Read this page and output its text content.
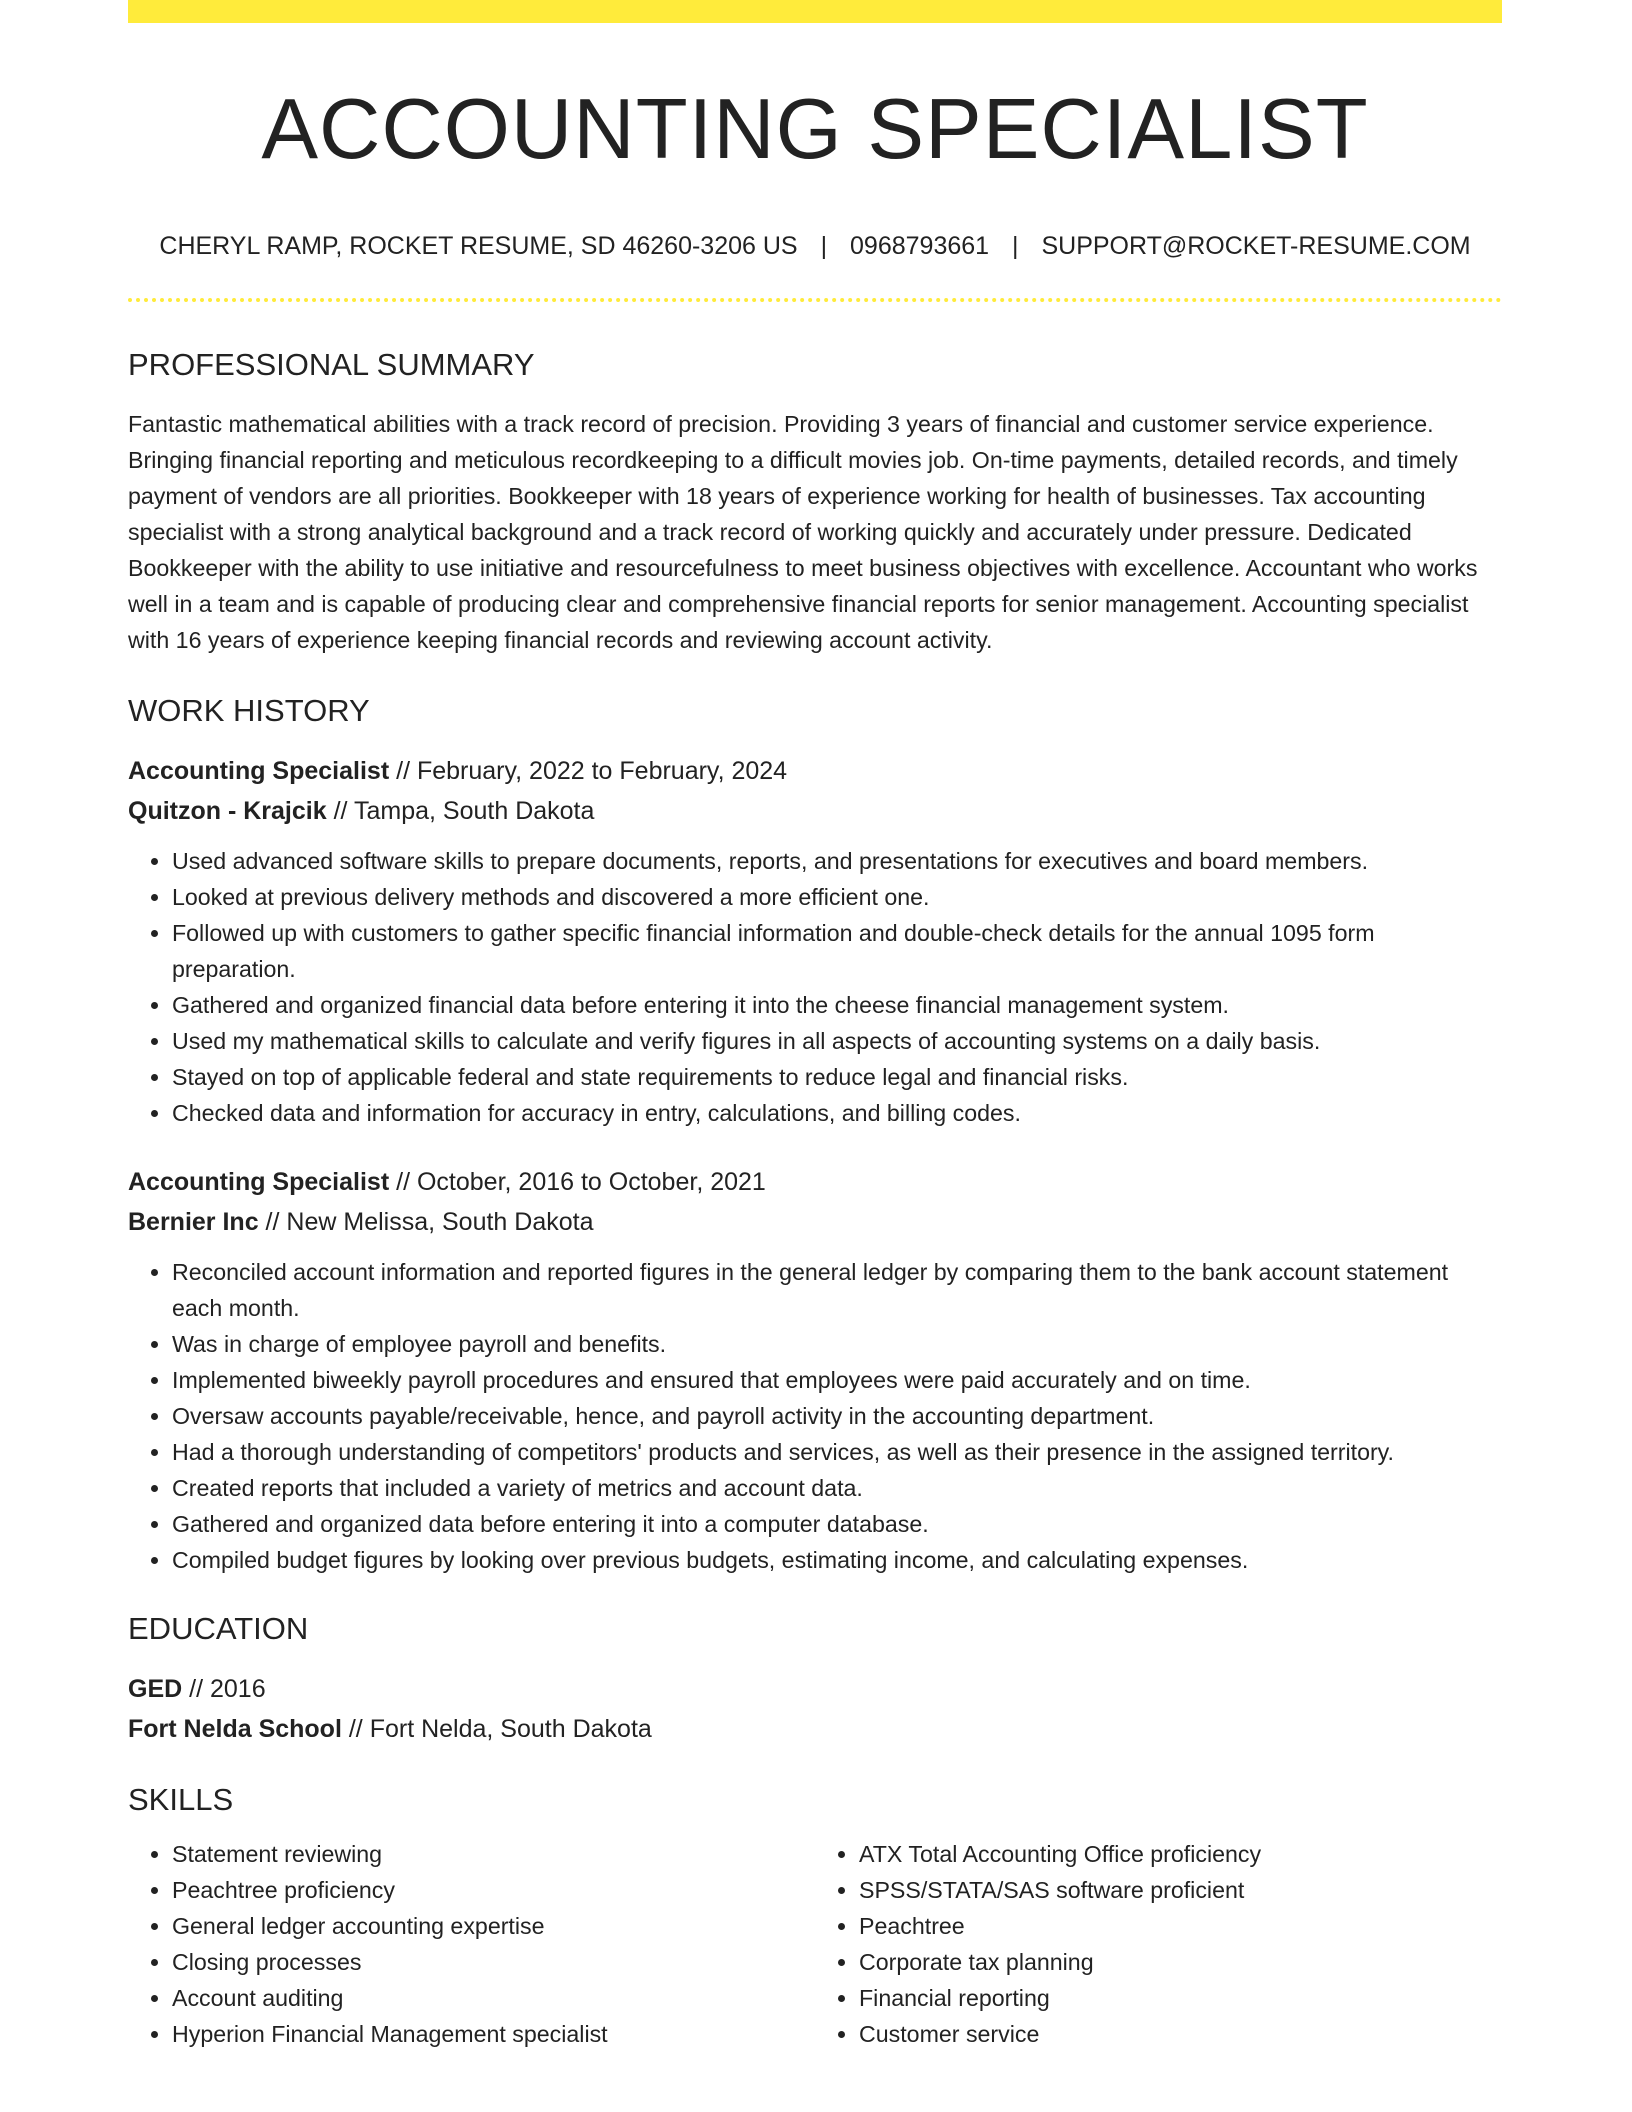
ACCOUNTING SPECIALIST
CHERYL RAMP, ROCKET RESUME, SD 46260-3206 US | 0968793661 | SUPPORT@ROCKET-RESUME.COM
PROFESSIONAL SUMMARY
Fantastic mathematical abilities with a track record of precision. Providing 3 years of financial and customer service experience. Bringing financial reporting and meticulous recordkeeping to a difficult movies job. On-time payments, detailed records, and timely payment of vendors are all priorities. Bookkeeper with 18 years of experience working for health of businesses. Tax accounting specialist with a strong analytical background and a track record of working quickly and accurately under pressure. Dedicated Bookkeeper with the ability to use initiative and resourcefulness to meet business objectives with excellence. Accountant who works well in a team and is capable of producing clear and comprehensive financial reports for senior management. Accounting specialist with 16 years of experience keeping financial records and reviewing account activity.
WORK HISTORY
Accounting Specialist // February, 2022 to February, 2024
Quitzon - Krajcik // Tampa, South Dakota
• Used advanced software skills to prepare documents, reports, and presentations for executives and board members.
• Looked at previous delivery methods and discovered a more efficient one.
• Followed up with customers to gather specific financial information and double-check details for the annual 1095 form preparation.
• Gathered and organized financial data before entering it into the cheese financial management system.
• Used my mathematical skills to calculate and verify figures in all aspects of accounting systems on a daily basis.
• Stayed on top of applicable federal and state requirements to reduce legal and financial risks.
• Checked data and information for accuracy in entry, calculations, and billing codes.
Accounting Specialist // October, 2016 to October, 2021
Bernier Inc // New Melissa, South Dakota
• Reconciled account information and reported figures in the general ledger by comparing them to the bank account statement each month.
• Was in charge of employee payroll and benefits.
• Implemented biweekly payroll procedures and ensured that employees were paid accurately and on time.
• Oversaw accounts payable/receivable, hence, and payroll activity in the accounting department.
• Had a thorough understanding of competitors' products and services, as well as their presence in the assigned territory.
• Created reports that included a variety of metrics and account data.
• Gathered and organized data before entering it into a computer database.
• Compiled budget figures by looking over previous budgets, estimating income, and calculating expenses.
EDUCATION
GED // 2016
Fort Nelda School // Fort Nelda, South Dakota
SKILLS
• Statement reviewing
• Peachtree proficiency
• General ledger accounting expertise
• Closing processes
• Account auditing
• Hyperion Financial Management specialist
• ATX Total Accounting Office proficiency
• SPSS/STATA/SAS software proficient
• Peachtree
• Corporate tax planning
• Financial reporting
• Customer service
